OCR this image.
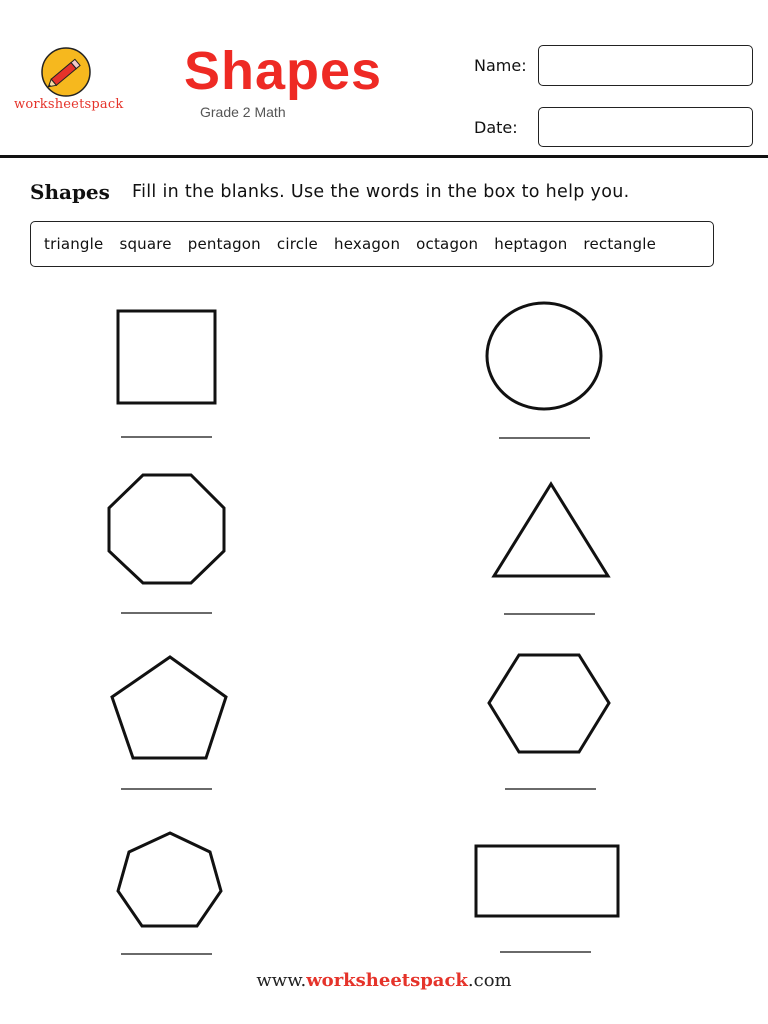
worksheetspack
Shapes
Grade 2 Math
Name:
Date:
Shapes Fill in the blanks. Use the words in the box to help you.
triangle square pentagon circle hexagon octagon heptagon rectangle
www.worksheetspack.com
